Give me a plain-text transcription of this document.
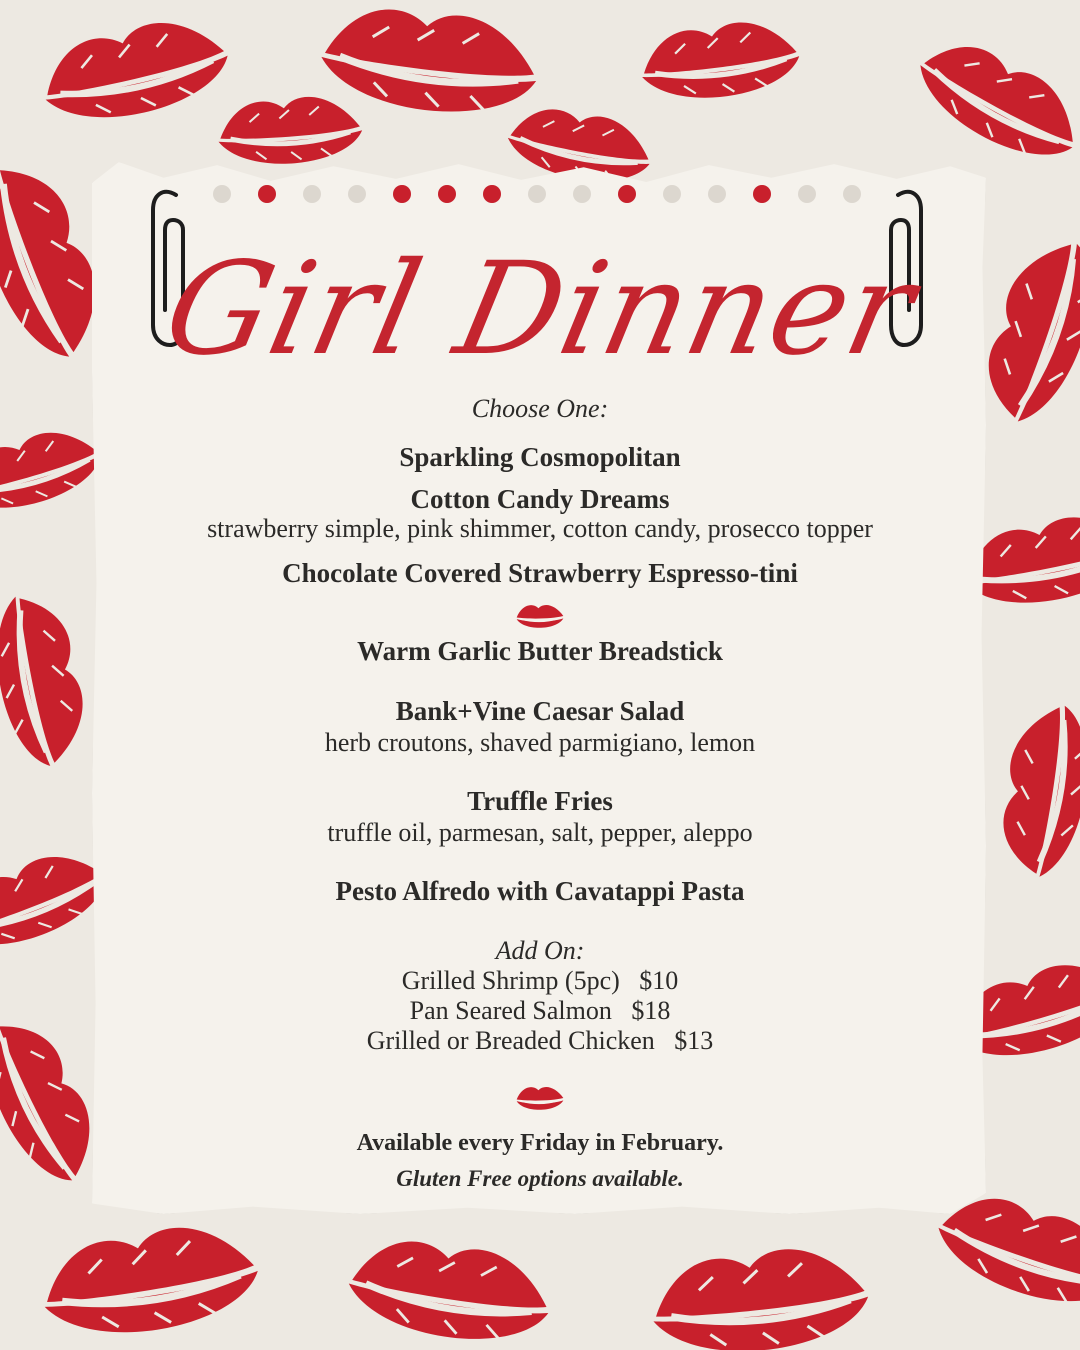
Girl Dinner
Choose One:
Sparkling Cosmopolitan
Cotton Candy Dreams
strawberry simple, pink shimmer, cotton candy, prosecco topper
Chocolate Covered Strawberry Espresso-tini
Warm Garlic Butter Breadstick
Bank+Vine Caesar Salad
herb croutons, shaved parmigiano, lemon
Truffle Fries
truffle oil, parmesan, salt, pepper, aleppo
Pesto Alfredo with Cavatappi Pasta
Add On:
Grilled Shrimp (5pc)   $10
Pan Seared Salmon   $18
Grilled or Breaded Chicken   $13
Available every Friday in February.
Gluten Free options available.
